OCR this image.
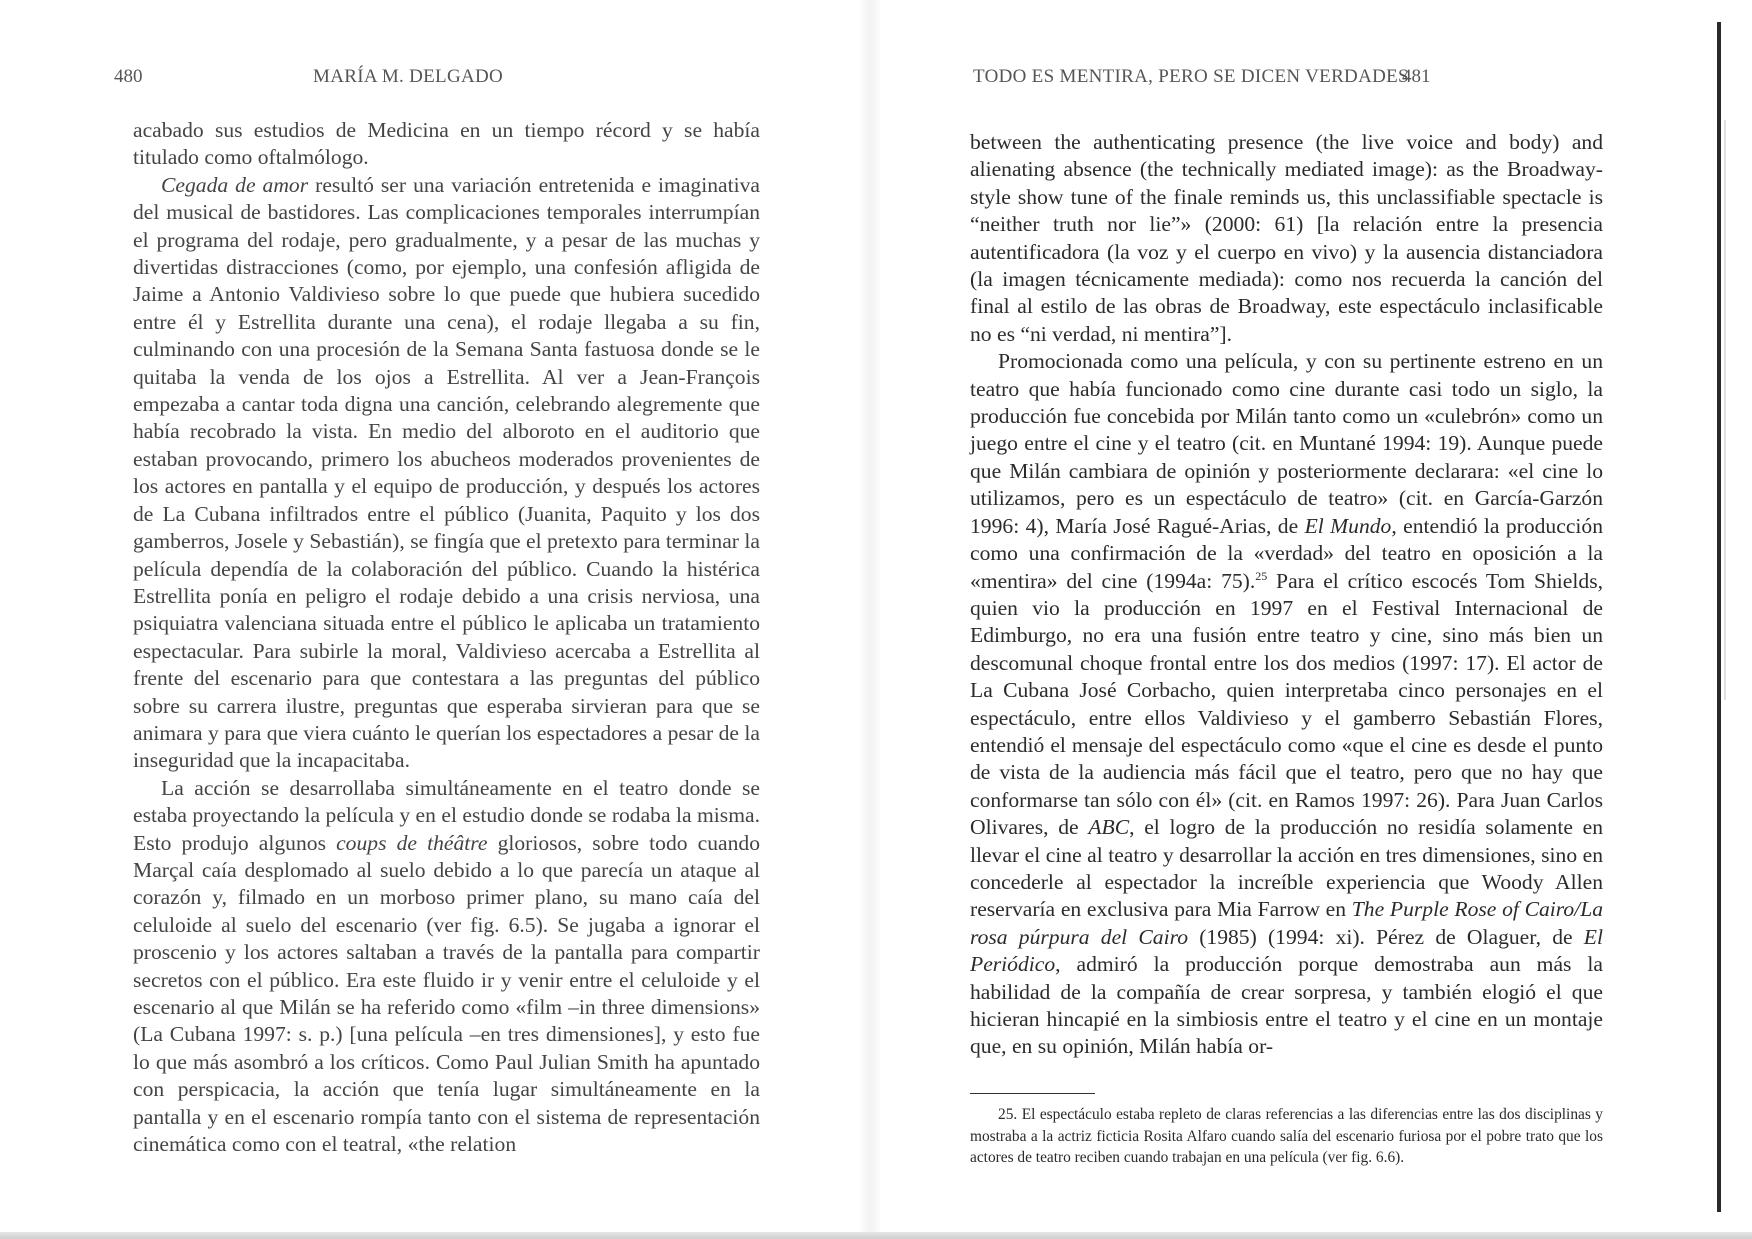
480	MARÍA M. DELGADO

acabado sus estudios de Medicina en un tiempo récord y se había titulado como oftalmólogo.

Cegada de amor resultó ser una variación entretenida e imaginativa del musical de bastidores. Las complicaciones temporales interrumpían el programa del rodaje, pero gradualmente, y a pesar de las muchas y divertidas distracciones (como, por ejemplo, una confesión afligida de Jaime a Antonio Valdivieso sobre lo que puede que hubiera sucedido entre él y Estrellita durante una cena), el rodaje llegaba a su fin, culminando con una procesión de la Semana Santa fastuosa donde se le quitaba la venda de los ojos a Estrellita. Al ver a Jean-François empezaba a cantar toda digna una canción, celebrando alegremente que había recobrado la vista. En medio del alboroto en el auditorio que estaban provocando, primero los abucheos moderados provenientes de los actores en pantalla y el equipo de producción, y después los actores de La Cubana infiltrados entre el público (Juanita, Paquito y los dos gamberros, Josele y Sebastián), se fingía que el pretexto para terminar la película dependía de la colaboración del público. Cuando la histérica Estrellita ponía en peligro el rodaje debido a una crisis nerviosa, una psiquiatra valenciana situada entre el público le aplicaba un tratamiento espectacular. Para subirle la moral, Valdivieso acercaba a Estrellita al frente del escenario para que contestara a las preguntas del público sobre su carrera ilustre, preguntas que esperaba sirvieran para que se animara y para que viera cuánto le querían los espectadores a pesar de la inseguridad que la incapacitaba.

La acción se desarrollaba simultáneamente en el teatro donde se estaba proyectando la película y en el estudio donde se rodaba la misma. Esto produjo algunos coups de théâtre gloriosos, sobre todo cuando Marçal caía desplomado al suelo debido a lo que parecía un ataque al corazón y, filmado en un morboso primer plano, su mano caía del celuloide al suelo del escenario (ver fig. 6.5). Se jugaba a ignorar el proscenio y los actores saltaban a través de la pantalla para compartir secretos con el público. Era este fluido ir y venir entre el celuloide y el escenario al que Milán se ha referido como «film –in three dimensions» (La Cubana 1997: s. p.) [una película –en tres dimensiones], y esto fue lo que más asombró a los críticos. Como Paul Julian Smith ha apuntado con perspicacia, la acción que tenía lugar simultáneamente en la pantalla y en el escenario rompía tanto con el sistema de representación cinemática como con el teatral, «the relation

TODO ES MENTIRA, PERO SE DICEN VERDADES
481

between the authenticating presence (the live voice and body) and alienating absence (the technically mediated image): as the Broadway-style show tune of the finale reminds us, this unclassifiable spectacle is “neither truth nor lie”» (2000: 61) [la relación entre la presencia autentificadora (la voz y el cuerpo en vivo) y la ausencia distanciadora (la imagen técnicamente mediada): como nos recuerda la canción del final al estilo de las obras de Broadway, este espectáculo inclasificable no es “ni verdad, ni mentira”].

Promocionada como una película, y con su pertinente estreno en un teatro que había funcionado como cine durante casi todo un siglo, la producción fue concebida por Milán tanto como un «culebrón» como un juego entre el cine y el teatro (cit. en Muntané 1994: 19). Aunque puede que Milán cambiara de opinión y posteriormente declarara: «el cine lo utilizamos, pero es un espectáculo de teatro» (cit. en García-Garzón 1996: 4), María José Ragué-Arias, de El Mundo, entendió la producción como una confirmación de la «verdad» del teatro en oposición a la «mentira» del cine (1994a: 75).$^{25}$ Para el crítico escocés Tom Shields, quien vio la producción en 1997 en el Festival Internacional de Edimburgo, no era una fusión entre teatro y cine, sino más bien un descomunal choque frontal entre los dos medios (1997: 17). El actor de La Cubana José Corbacho, quien interpretaba cinco personajes en el espectáculo, entre ellos Valdivieso y el gamberro Sebastián Flores, entendió el mensaje del espectáculo como «que el cine es desde el punto de vista de la audiencia más fácil que el teatro, pero que no hay que conformarse tan sólo con él» (cit. en Ramos 1997: 26). Para Juan Carlos Olivares, de ABC, el logro de la producción no residía solamente en llevar el cine al teatro y desarrollar la acción en tres dimensiones, sino en concederle al espectador la increíble experiencia que Woody Allen reservaría en exclusiva para Mia Farrow en The Purple Rose of Cairo/La rosa púrpura del Cairo (1985) (1994: xi). Pérez de Olaguer, de El Periódico, admiró la producción porque demostraba aun más la habilidad de la compañía de crear sorpresa, y también elogió el que hicieran hincapié en la simbiosis entre el teatro y el cine en un montaje que, en su opinión, Milán había or-

25. El espectáculo estaba repleto de claras referencias a las diferencias entre las dos disciplinas y mostraba a la actriz ficticia Rosita Alfaro cuando salía del escenario furiosa por el pobre trato que los actores de teatro reciben cuando trabajan en una película (ver fig. 6.6).
